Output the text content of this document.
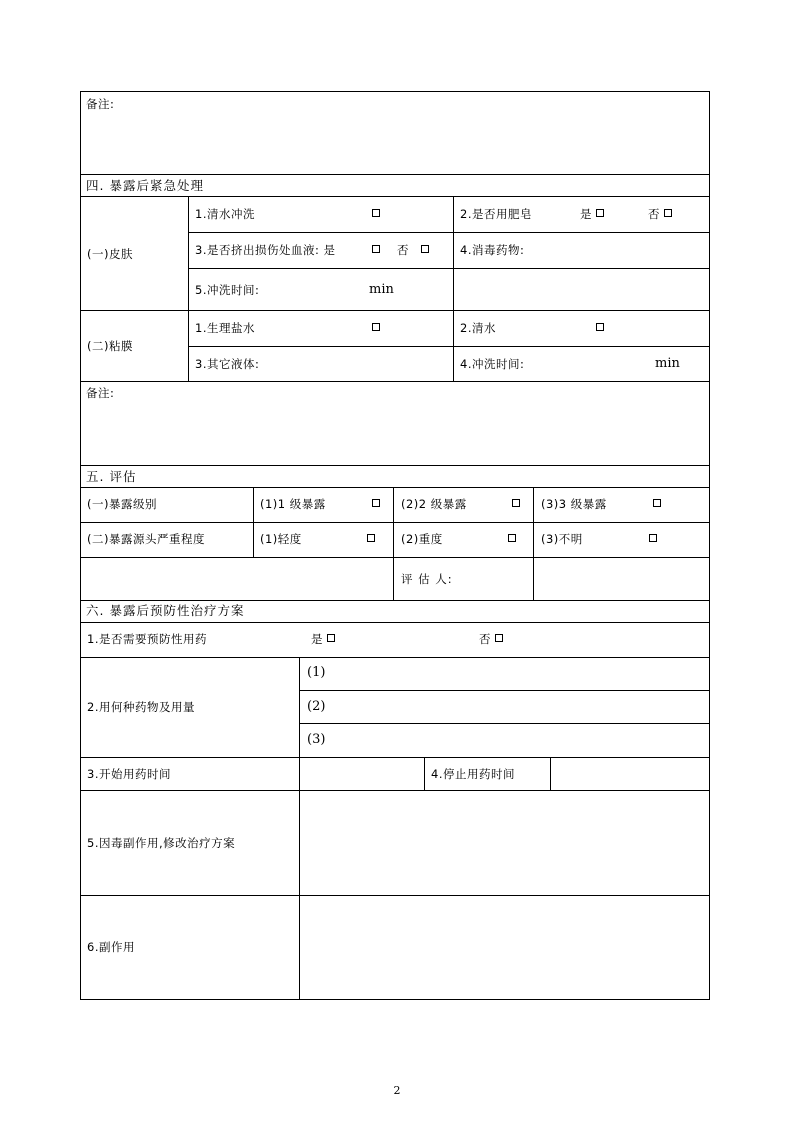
备注:
四. 暴露后紧急处理
(一)皮肤
1.清水冲洗	2.是否用肥皂	是	否
3.是否挤出损伤处血液: 是	否	4.消毒药物:
5.冲洗时间:	min
(二)粘膜
1.生理盐水	2.清水
3.其它液体:	4.冲洗时间:	min
备注:
五. 评估
(一)暴露级别	(1)1 级暴露	(2)2 级暴露	(3)3 级暴露
(二)暴露源头严重程度	(1)轻度	(2)重度	(3)不明
评 估 人:
六. 暴露后预防性治疗方案
1.是否需要预防性用药	是	否
2.用何种药物及用量
(1)
(2)
(3)
3.开始用药时间	4.停止用药时间
5.因毒副作用,修改治疗方案
6.副作用
2
